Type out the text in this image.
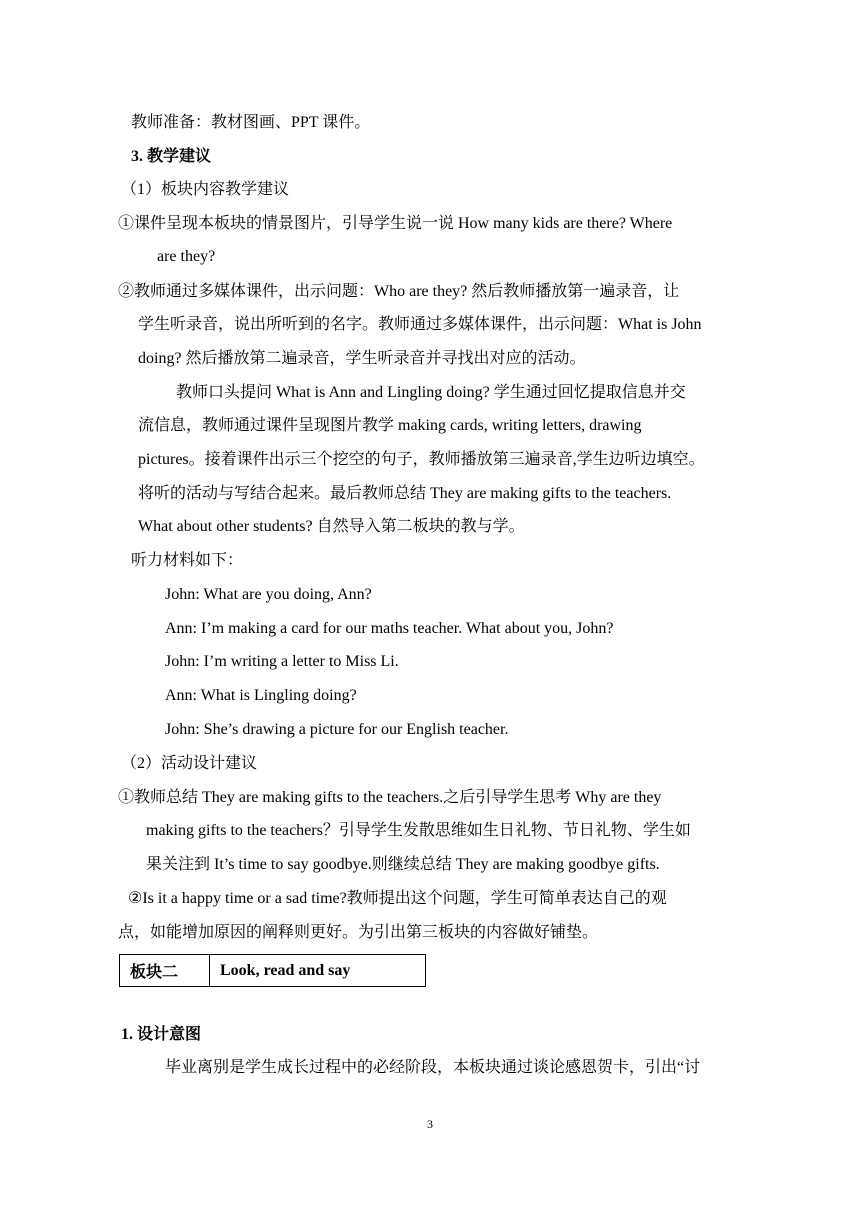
教师准备：教材图画、PPT 课件。
3. 教学建议
（1）板块内容教学建议
①课件呈现本板块的情景图片，引导学生说一说 How many kids are there? Where
are they?
②教师通过多媒体课件，出示问题：Who are they? 然后教师播放第一遍录音，让
学生听录音，说出所听到的名字。教师通过多媒体课件，出示问题：What is John
doing? 然后播放第二遍录音，学生听录音并寻找出对应的活动。
教师口头提问 What is Ann and Lingling doing? 学生通过回忆提取信息并交
流信息，教师通过课件呈现图片教学 making cards, writing letters, drawing
pictures。接着课件出示三个挖空的句子，教师播放第三遍录音,学生边听边填空。
将听的活动与写结合起来。最后教师总结 They are making gifts to the teachers.
What about other students? 自然导入第二板块的教与学。
听力材料如下：
John: What are you doing, Ann?
Ann: I’m making a card for our maths teacher. What about you, John?
John: I’m writing a letter to Miss Li.
Ann: What is Lingling doing?
John: She’s drawing a picture for our English teacher.
（2）活动设计建议
①教师总结 They are making gifts to the teachers.之后引导学生思考 Why are they
making gifts to the teachers？引导学生发散思维如生日礼物、节日礼物、学生如
果关注到 It’s time to say goodbye.则继续总结 They are making goodbye gifts.
②Is it a happy time or a sad time?教师提出这个问题，学生可简单表达自己的观
点，如能增加原因的阐释则更好。为引出第三板块的内容做好铺垫。
板块二	Look, read and say
1. 设计意图
毕业离别是学生成长过程中的必经阶段，本板块通过谈论感恩贺卡，引出“讨
3
